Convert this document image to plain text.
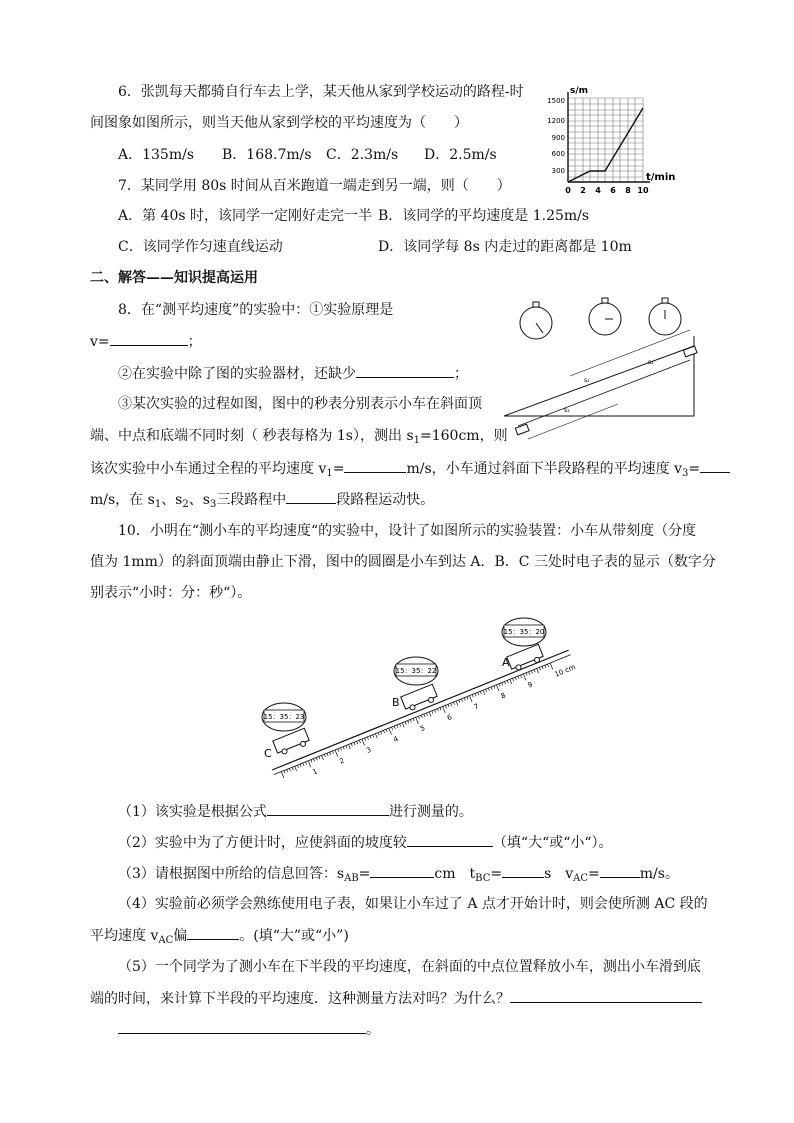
6．张凯每天都骑自行车去上学，某天他从家到学校运动的路程-时
间图象如图所示，则当天他从家到学校的平均速度为（　　）
A．135m/s B．168.7m/s C．2.3m/s D．2.5m/s
s/m
t/min
1500
1200
900
600
300
0 2 4 6 8 10
7．某同学用 80s 时间从百米跑道一端走到另一端，则（　　）
A．第 40s 时，该同学一定刚好走完一半 B．该同学的平均速度是 1.25m/s
C．该同学作匀速直线运动	D．该同学每 8s 内走过的距离都是 10m
二、解答——知识提高运用
8．在“测平均速度”的实验中：①实验原理是
v=	；
②在实验中除了图的实验器材，还缺少	；
③某次实验的过程如图，图中的秒表分别表示小车在斜面顶
端、中点和底端不同时刻（ 秒表每格为 1s），测出 $s_1=160cm$，则
该次实验中小车通过全程的平均速度 $v_1=$	m/s，小车通过斜面下半段路程的平均速度 $v_3=$
m/s，在 $s_1$、$s_2$、$s_3$三段路程中	段路程运动快。
s₁
s₂
s₃
10．小明在“测小车的平均速度“的实验中，设计了如图所示的实验装置：小车从带刻度（分度
值为 1mm）的斜面顶端由静止下滑，图中的圆圈是小车到达 A．B．C 三处时电子表的显示（数字分
别表示“小时：分：秒“）。
15：35：23
15：35：22
15：35：20
C
B
A
1
2
3
4
5
6
7
8
9
10 cm
（1）该实验是根据公式	进行测量的。
（2）实验中为了方便计时，应使斜面的坡度较	（填“大“或“小“）。
（3）请根据图中所给的信息回答：$s_{AB}=$	cm　$t_{BC}=$	s　$v_{AC}=$	m/s。
（4）实验前必须学会熟练使用电子表，如果让小车过了 A 点才开始计时，则会使所测 AC 段的
平均速度 $v_{AC}$偏	。(填“大”或“小”)
（5）一个同学为了测小车在下半段的平均速度，在斜面的中点位置释放小车，测出小车滑到底
端的时间，来计算下半段的平均速度．这种测量方法对吗？为什么？
。
